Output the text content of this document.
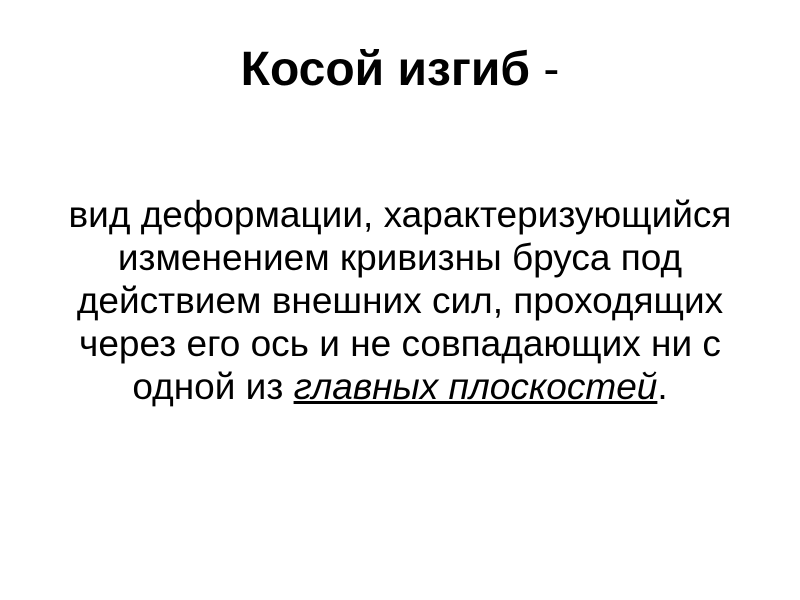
Косой изгиб -
вид деформации, характеризующийся
изменением кривизны бруса под
действием внешних сил, проходящих
через его ось и не совпадающих ни с
одной из главных плоскостей.
